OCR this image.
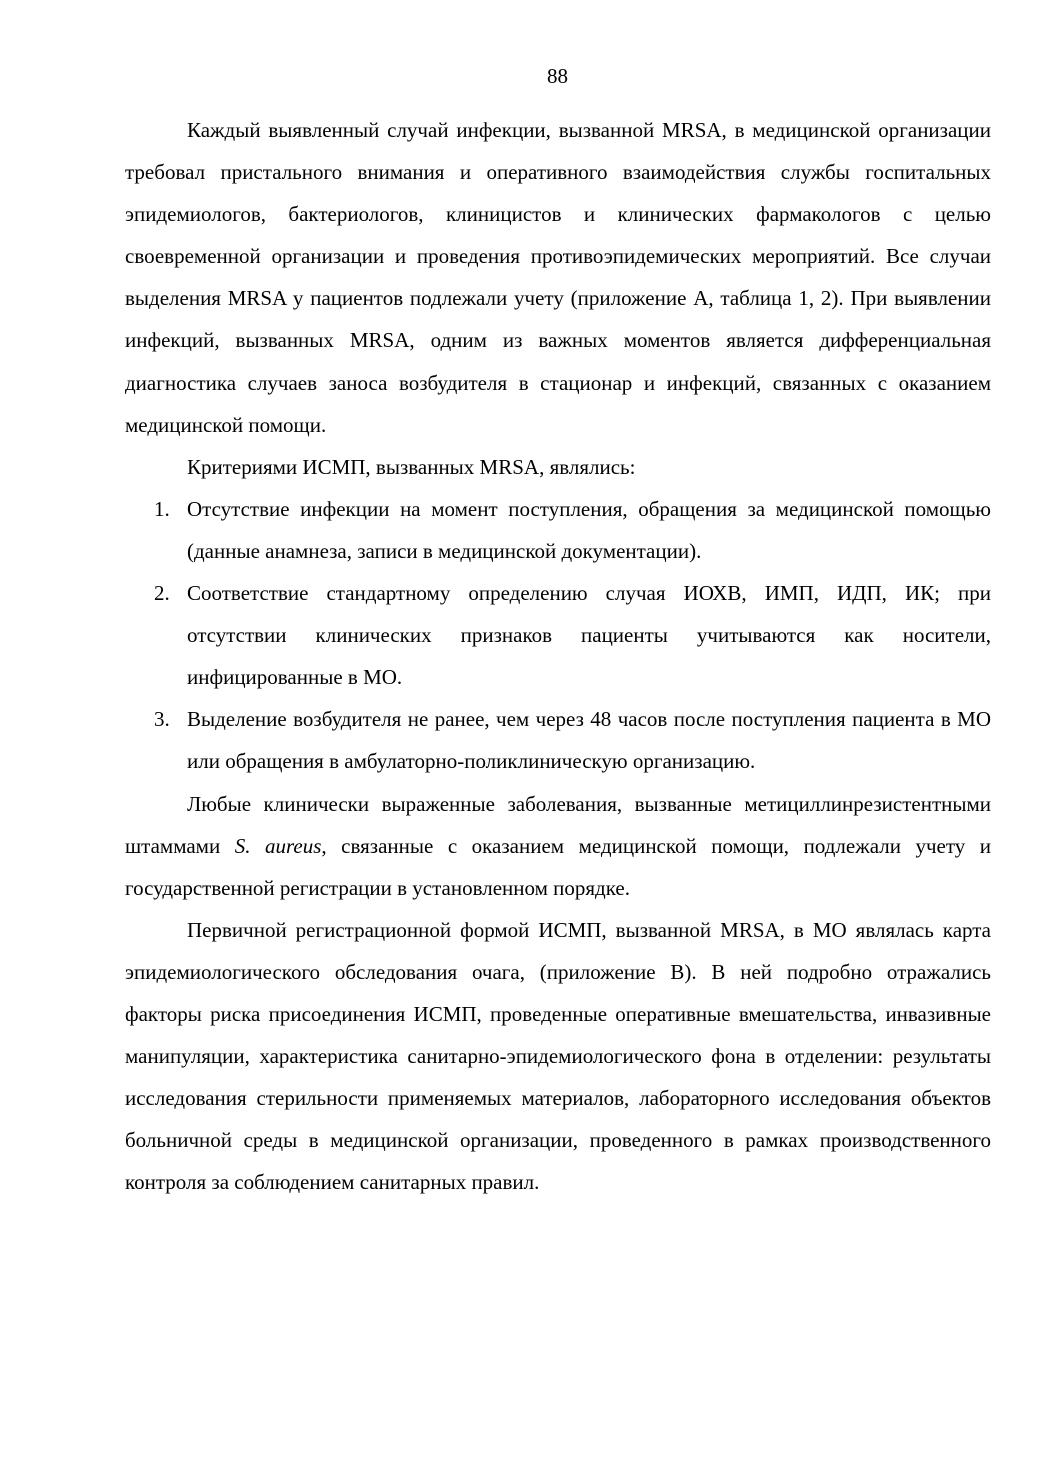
88

Каждый выявленный случай инфекции, вызванной MRSA, в медицинской организации требовал пристального внимания и оперативного взаимодействия службы госпитальных эпидемиологов, бактериологов, клиницистов и клинических фармакологов с целью своевременной организации и проведения противоэпидемических мероприятий. Все случаи выделения MRSA у пациентов подлежали учету (приложение А, таблица 1, 2). При выявлении инфекций, вызванных MRSA, одним из важных моментов является дифференциальная диагностика случаев заноса возбудителя в стационар и инфекций, связанных с оказанием медицинской помощи.

Критериями ИСМП, вызванных MRSA, являлись:

1. Отсутствие инфекции на момент поступления, обращения за медицинской помощью (данные анамнеза, записи в медицинской документации).
2. Соответствие стандартному определению случая ИОХВ, ИМП, ИДП, ИК; при отсутствии клинических признаков пациенты учитываются как носители, инфицированные в МО.
3. Выделение возбудителя не ранее, чем через 48 часов после поступления пациента в МО или обращения в амбулаторно-поликлиническую организацию.

Любые клинически выраженные заболевания, вызванные метициллинрезистентными штаммами S. aureus, связанные с оказанием медицинской помощи, подлежали учету и государственной регистрации в установленном порядке.

Первичной регистрационной формой ИСМП, вызванной MRSA, в МО являлась карта эпидемиологического обследования очага, (приложение В). В ней подробно отражались факторы риска присоединения ИСМП, проведенные оперативные вмешательства, инвазивные манипуляции, характеристика санитарно-эпидемиологического фона в отделении: результаты исследования стерильности применяемых материалов, лабораторного исследования объектов больничной среды в медицинской организации, проведенного в рамках производственного контроля за соблюдением санитарных правил.
